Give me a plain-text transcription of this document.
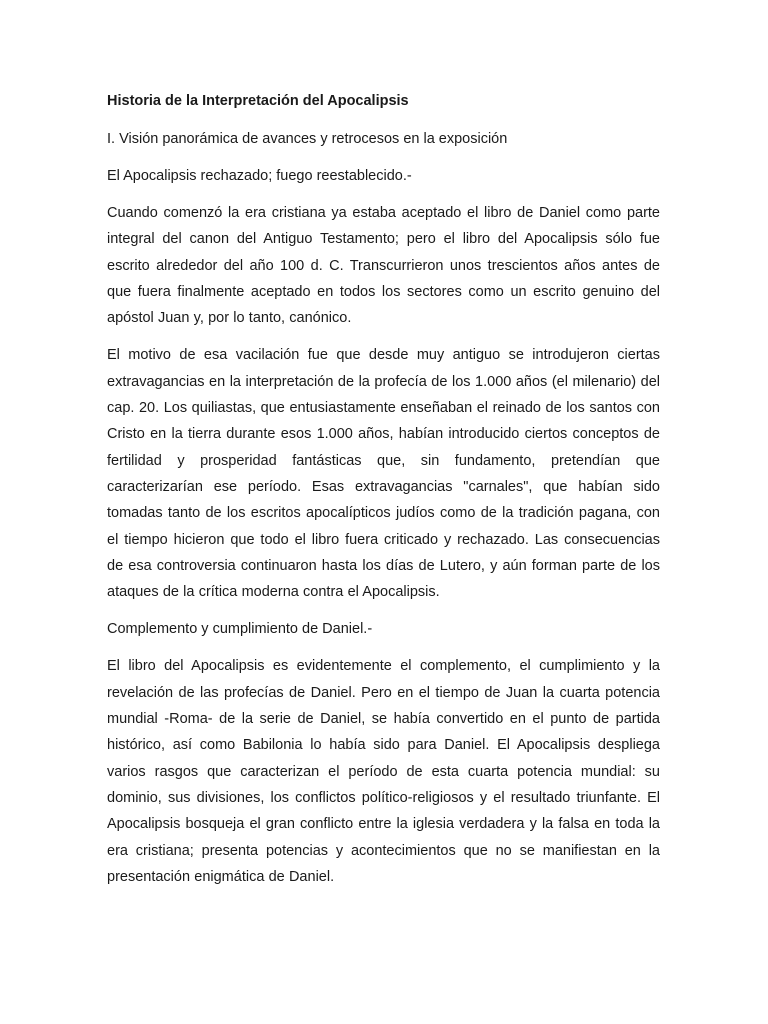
Historia de la Interpretación del Apocalipsis

I. Visión panorámica de avances y retrocesos en la exposición

El Apocalipsis rechazado; fuego reestablecido.-

Cuando comenzó la era cristiana ya estaba aceptado el libro de Daniel como parte integral del canon del Antiguo Testamento; pero el libro del Apocalipsis sólo fue escrito alrededor del año 100 d. C. Transcurrieron unos trescientos años antes de que fuera finalmente aceptado en todos los sectores como un escrito genuino del apóstol Juan y, por lo tanto, canónico.

El motivo de esa vacilación fue que desde muy antiguo se introdujeron ciertas extravagancias en la interpretación de la profecía de los 1.000 años (el milenario) del cap. 20. Los quiliastas, que entusiastamente enseñaban el reinado de los santos con Cristo en la tierra durante esos 1.000 años, habían introducido ciertos conceptos de fertilidad y prosperidad fantásticas que, sin fundamento, pretendían que caracterizarían ese período. Esas extravagancias "carnales", que habían sido tomadas tanto de los escritos apocalípticos judíos como de la tradición pagana, con el tiempo hicieron que todo el libro fuera criticado y rechazado. Las consecuencias de esa controversia continuaron hasta los días de Lutero, y aún forman parte de los ataques de la crítica moderna contra el Apocalipsis.

Complemento y cumplimiento de Daniel.-

El libro del Apocalipsis es evidentemente el complemento, el cumplimiento y la revelación de las profecías de Daniel. Pero en el tiempo de Juan la cuarta potencia mundial -Roma- de la serie de Daniel, se había convertido en el punto de partida histórico, así como Babilonia lo había sido para Daniel. El Apocalipsis despliega varios rasgos que caracterizan el período de esta cuarta potencia mundial: su dominio, sus divisiones, los conflictos político-religiosos y el resultado triunfante. El Apocalipsis bosqueja el gran conflicto entre la iglesia verdadera y la falsa en toda la era cristiana; presenta potencias y acontecimientos que no se manifiestan en la presentación enigmática de Daniel.
